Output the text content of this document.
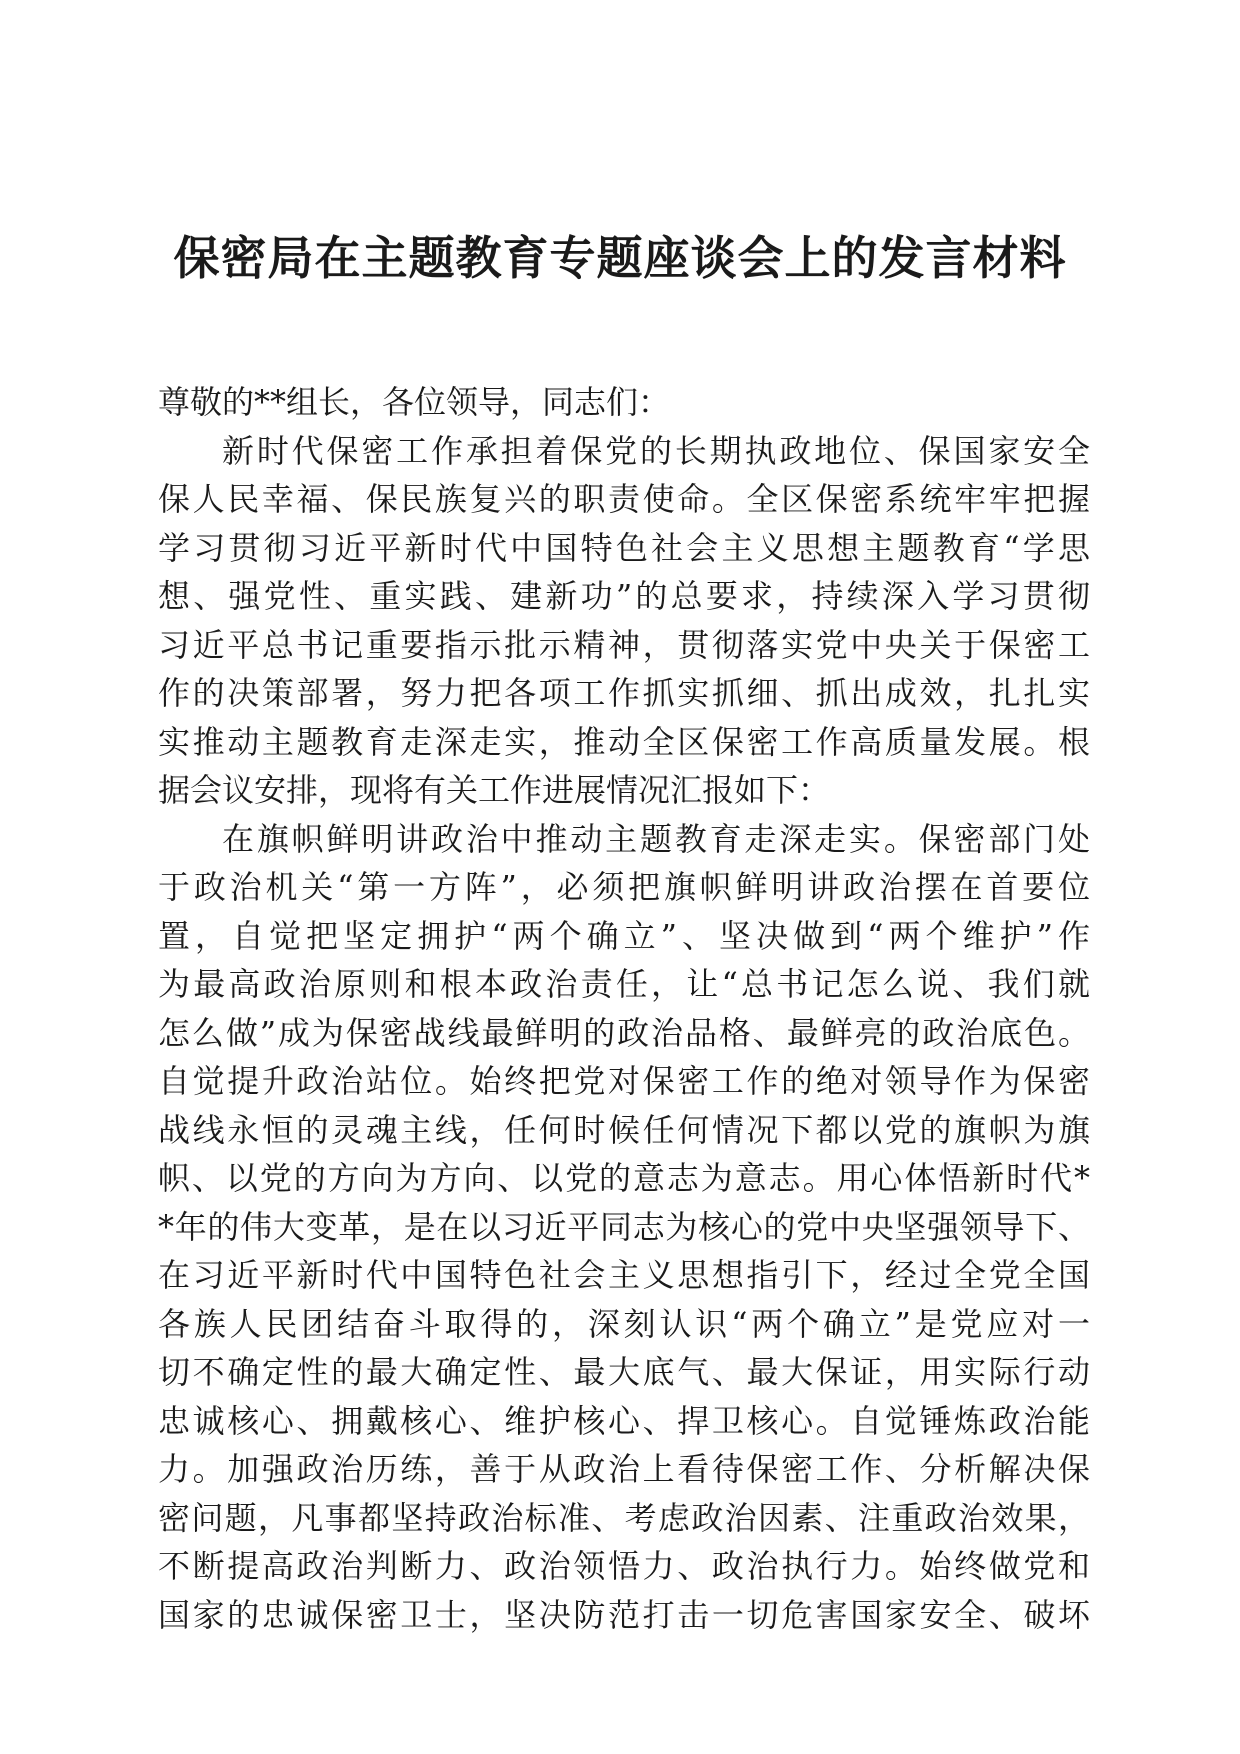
保密局在主题教育专题座谈会上的发言材料
尊敬的**组长，各位领导，同志们：
新时代保密工作承担着保党的长期执政地位、保国家安全
保人民幸福、保民族复兴的职责使命。全区保密系统牢牢把握
学习贯彻习近平新时代中国特色社会主义思想主题教育“学思
想、强党性、重实践、建新功”的总要求，持续深入学习贯彻
习近平总书记重要指示批示精神，贯彻落实党中央关于保密工
作的决策部署，努力把各项工作抓实抓细、抓出成效，扎扎实
实推动主题教育走深走实，推动全区保密工作高质量发展。根
据会议安排，现将有关工作进展情况汇报如下：
在旗帜鲜明讲政治中推动主题教育走深走实。保密部门处
于政治机关“第一方阵”，必须把旗帜鲜明讲政治摆在首要位
置，自觉把坚定拥护“两个确立”、坚决做到“两个维护”作
为最高政治原则和根本政治责任，让“总书记怎么说、我们就
怎么做”成为保密战线最鲜明的政治品格、最鲜亮的政治底色。
自觉提升政治站位。始终把党对保密工作的绝对领导作为保密
战线永恒的灵魂主线，任何时候任何情况下都以党的旗帜为旗
帜、以党的方向为方向、以党的意志为意志。用心体悟新时代*
*年的伟大变革，是在以习近平同志为核心的党中央坚强领导下、
在习近平新时代中国特色社会主义思想指引下，经过全党全国
各族人民团结奋斗取得的，深刻认识“两个确立”是党应对一
切不确定性的最大确定性、最大底气、最大保证，用实际行动
忠诚核心、拥戴核心、维护核心、捍卫核心。自觉锤炼政治能
力。加强政治历练，善于从政治上看待保密工作、分析解决保
密问题，凡事都坚持政治标准、考虑政治因素、注重政治效果，
不断提高政治判断力、政治领悟力、政治执行力。始终做党和
国家的忠诚保密卫士，坚决防范打击一切危害国家安全、破坏
